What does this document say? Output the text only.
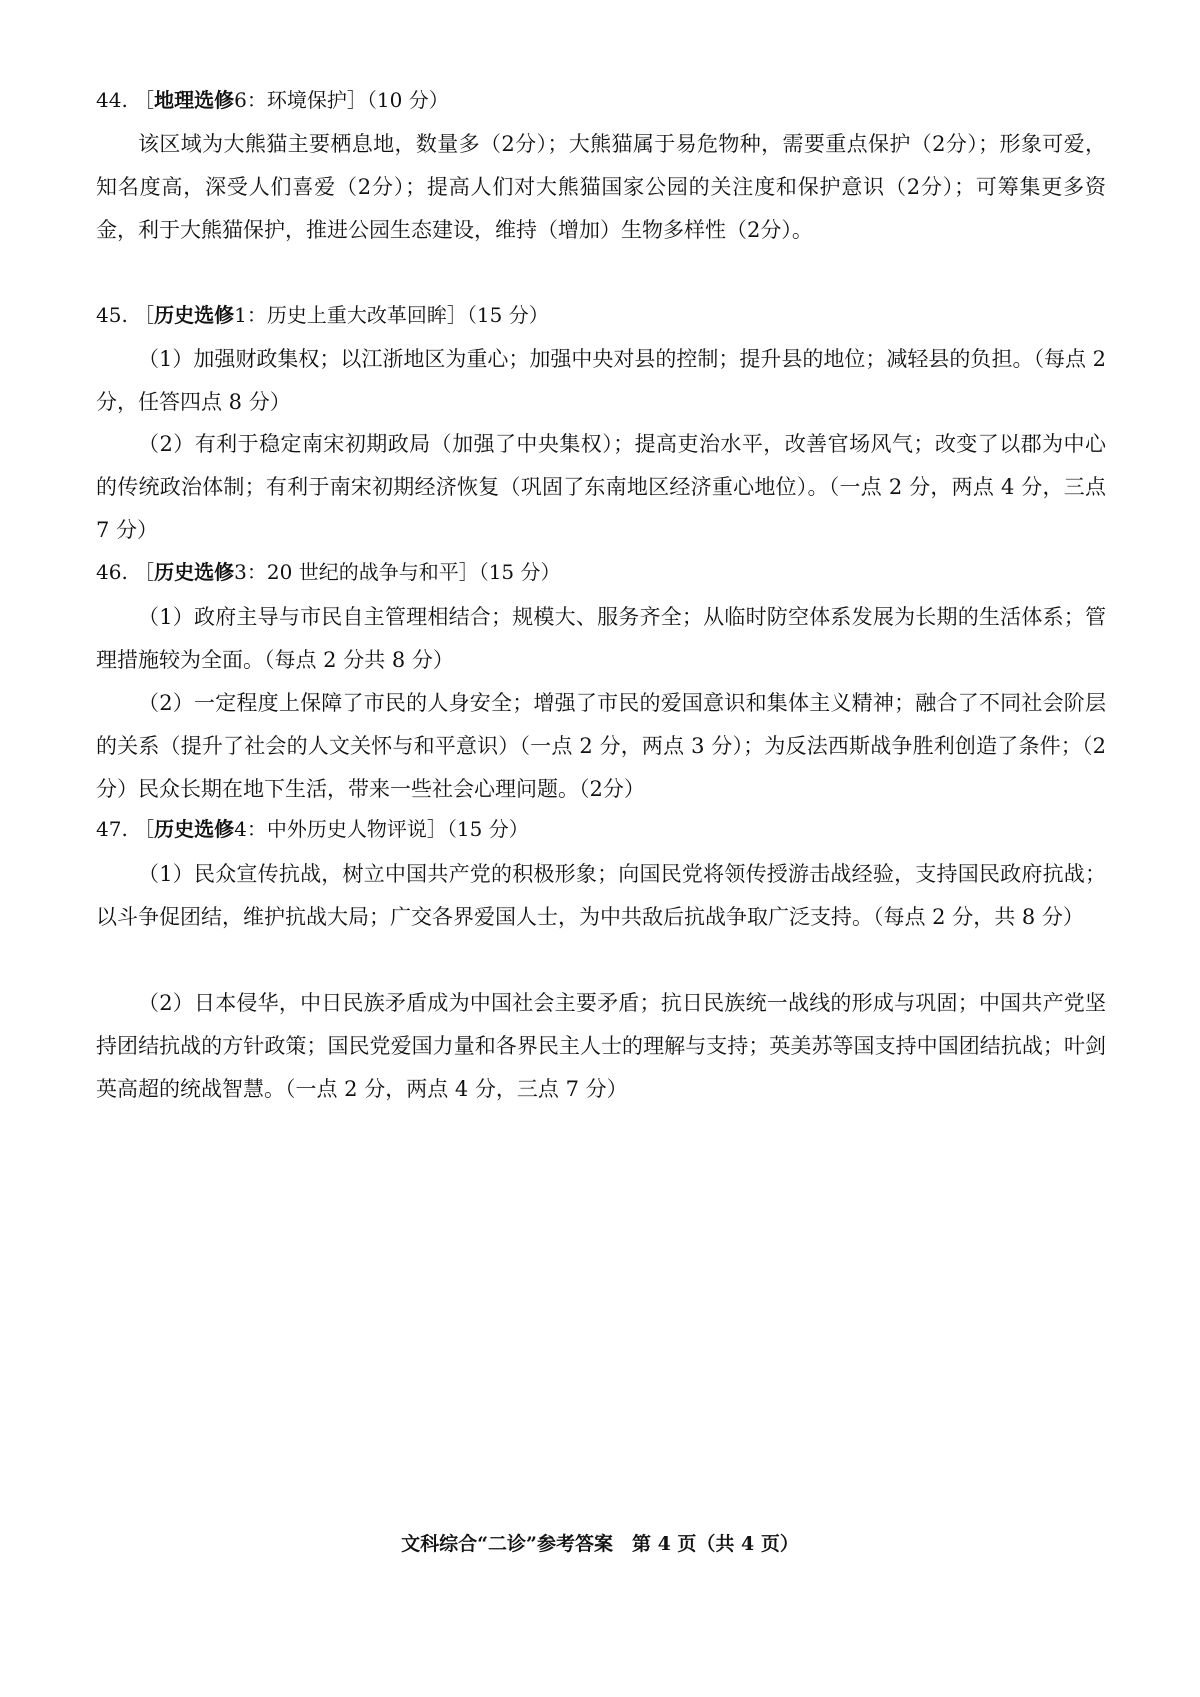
44. ［地理选修6：环境保护］（10 分）

该区域为大熊猫主要栖息地，数量多（2分）；大熊猫属于易危物种，需要重点保护（2分）；形象可爱，知名度高，深受人们喜爱（2分）；提高人们对大熊猫国家公园的关注度和保护意识（2分）；可筹集更多资金，利于大熊猫保护，推进公园生态建设，维持（增加）生物多样性（2分）。

45. ［历史选修1：历史上重大改革回眸］（15 分）

（1）加强财政集权；以江浙地区为重心；加强中央对县的控制；提升县的地位；减轻县的负担。（每点 2 分，任答四点 8 分）

（2）有利于稳定南宋初期政局（加强了中央集权）；提高吏治水平，改善官场风气；改变了以郡为中心的传统政治体制；有利于南宋初期经济恢复（巩固了东南地区经济重心地位）。（一点 2 分，两点 4 分，三点 7 分）

46. ［历史选修3：20 世纪的战争与和平］（15 分）

（1）政府主导与市民自主管理相结合；规模大、服务齐全；从临时防空体系发展为长期的生活体系；管理措施较为全面。（每点 2 分共 8 分）

（2）一定程度上保障了市民的人身安全；增强了市民的爱国意识和集体主义精神；融合了不同社会阶层的关系（提升了社会的人文关怀与和平意识）（一点 2 分，两点 3 分）；为反法西斯战争胜利创造了条件；（2分）民众长期在地下生活，带来一些社会心理问题。（2分）

47. ［历史选修4：中外历史人物评说］（15 分）

（1）民众宣传抗战，树立中国共产党的积极形象；向国民党将领传授游击战经验，支持国民政府抗战；以斗争促团结，维护抗战大局；广交各界爱国人士，为中共敌后抗战争取广泛支持。（每点 2 分，共 8 分）

（2）日本侵华，中日民族矛盾成为中国社会主要矛盾；抗日民族统一战线的形成与巩固；中国共产党坚持团结抗战的方针政策；国民党爱国力量和各界民主人士的理解与支持；英美苏等国支持中国团结抗战；叶剑英高超的统战智慧。（一点 2 分，两点 4 分，三点 7 分）

文科综合“二诊”参考答案　第 4 页（共 4 页）
